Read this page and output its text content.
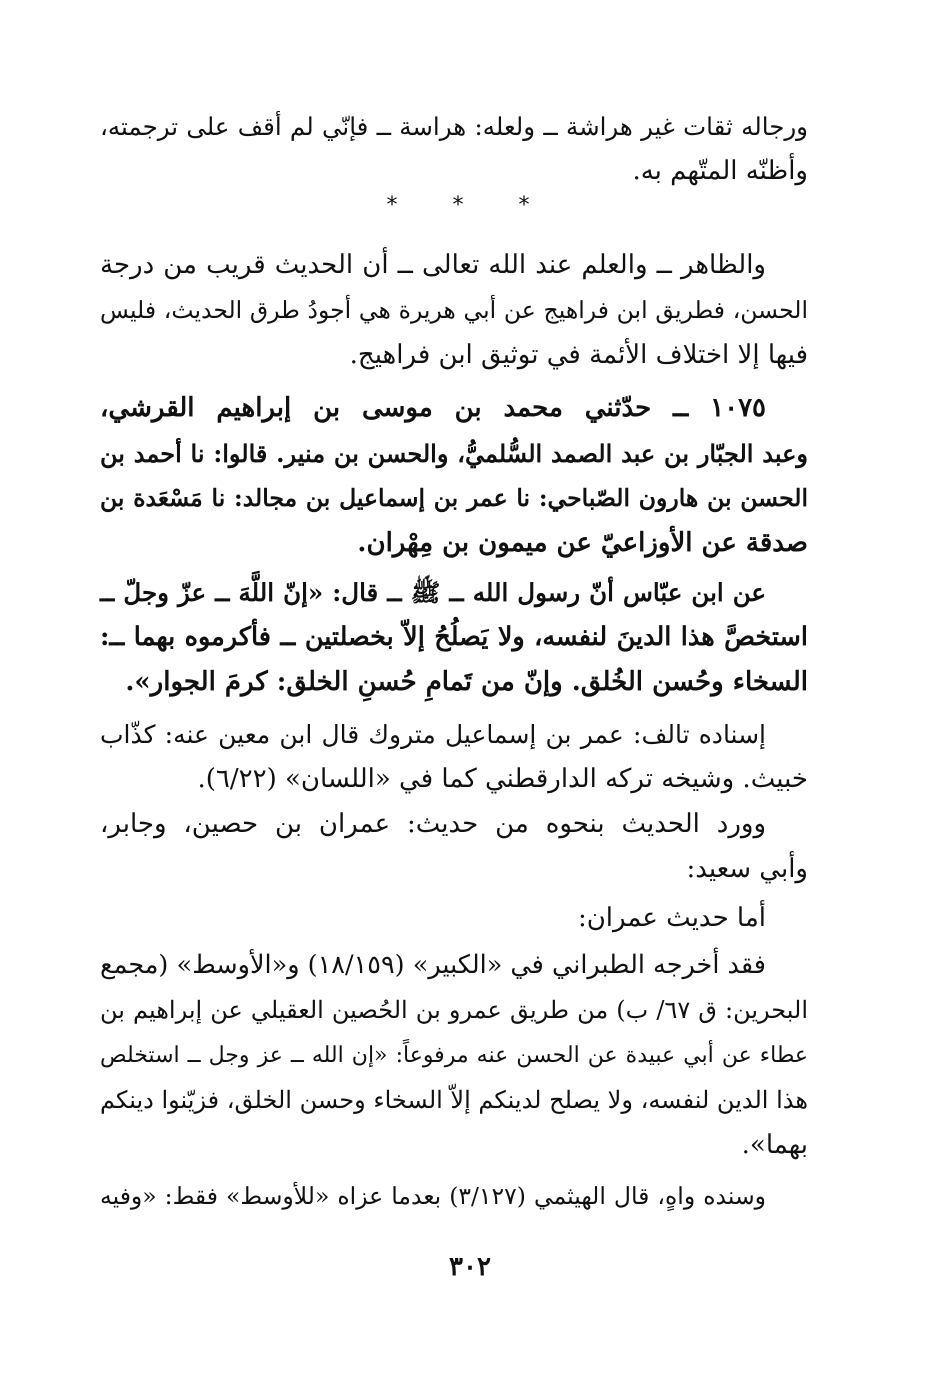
ورجاله ثقات غير هراشة ــ ولعله: هراسة ــ فإنّي لم أقف على ترجمته،
وأظنّه المتّهم به.
* * *
والظاهر ــ والعلم عند الله تعالى ــ أن الحديث قريب من درجة
الحسن، فطريق ابن فراهيج عن أبي هريرة هي أجودُ طرق الحديث، فليس
فيها إلا اختلاف الأئمة في توثيق ابن فراهيج.
١٠٧٥ ــ حدّثني محمد بن موسى بن إبراهيم القرشي،
وعبد الجبّار بن عبد الصمد السُّلميُّ، والحسن بن منير. قالوا: نا أحمد بن
الحسن بن هارون الصّباحي: نا عمر بن إسماعيل بن مجالد: نا مَسْعَدة بن
صدقة عن الأوزاعيّ عن ميمون بن مِهْران.
عن ابن عبّاس أنّ رسول الله ــ ﷺ ــ قال: «إنّ اللَّهَ ــ عزّ وجلّ ــ
استخصَّ هذا الدينَ لنفسه، ولا يَصلُحُ إلاّ بخصلتين ــ فأكرموه بهما ــ:
السخاء وحُسن الخُلق. وإنّ من تَمامِ حُسنِ الخلق: كرمَ الجوار».
إسناده تالف: عمر بن إسماعيل متروك قال ابن معين عنه: كذّاب
خبيث. وشيخه تركه الدارقطني كما في «اللسان» (٦/٢٢).
وورد الحديث بنحوه من حديث: عمران بن حصين، وجابر،
وأبي سعيد:
أما حديث عمران:
فقد أخرجه الطبراني في «الكبير» (١٨/١٥٩) و«الأوسط» (مجمع
البحرين: ق ٦٧/ ب) من طريق عمرو بن الحُصين العقيلي عن إبراهيم بن
عطاء عن أبي عبيدة عن الحسن عنه مرفوعاً: «إن الله ــ عز وجل ــ استخلص
هذا الدين لنفسه، ولا يصلح لدينكم إلاّ السخاء وحسن الخلق، فزيّنوا دينكم
بهما».
وسنده واهٍ، قال الهيثمي (٣/١٢٧) بعدما عزاه «للأوسط» فقط: «وفيه
٣٠٢
